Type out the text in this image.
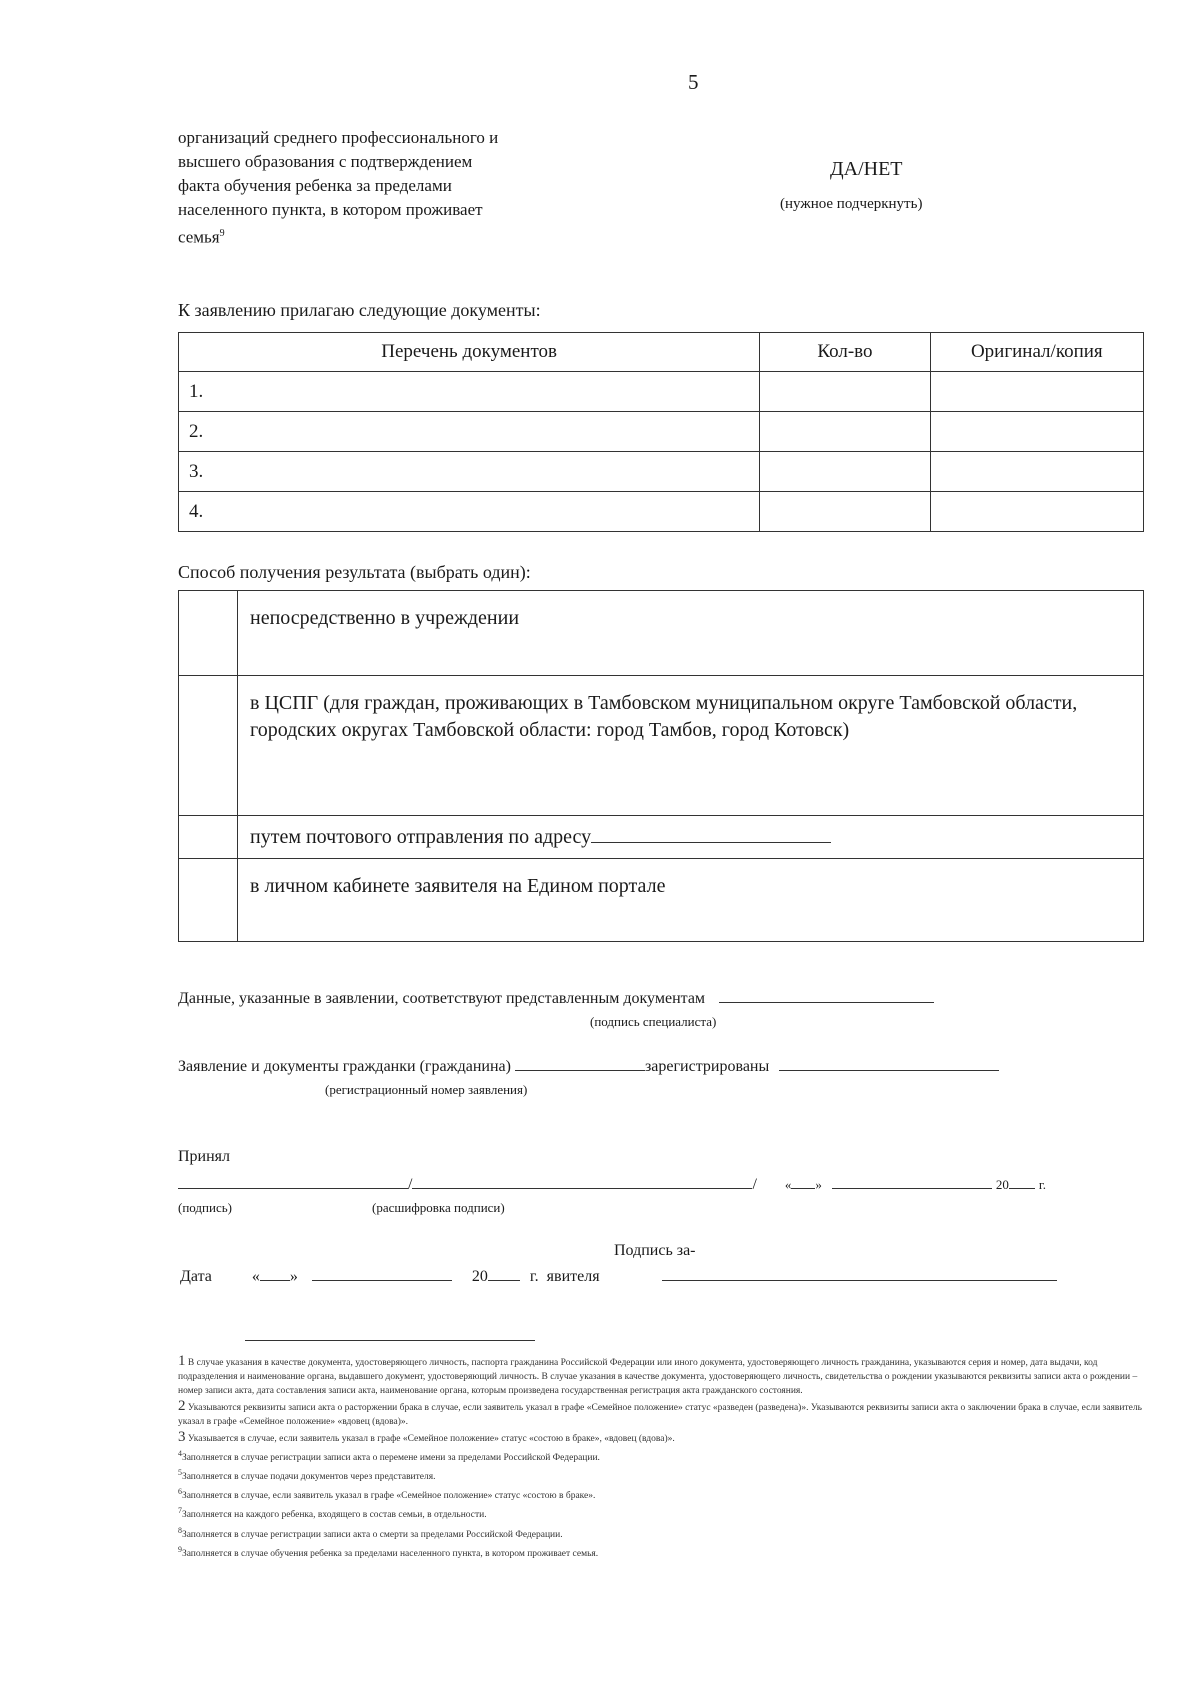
5
организаций среднего профессионального и
высшего образования с подтверждением
факта обучения ребенка за пределами
населенного пункта, в котором проживает
семья$^9$
ДА/НЕТ
(нужное подчеркнуть)
К заявлению прилагаю следующие документы:
Перечень документов	Кол-во	Оригинал/копия
1.		
2.		
3.		
4.		
Способ получения результата (выбрать один):
	непосредственно в учреждении
	в ЦСПГ (для граждан, проживающих в Тамбовском муниципальном округе Тамбовской области, городских округах Тамбовской области: город Тамбов, город Котовск)
	путем почтового отправления по адресу
	в личном кабинете заявителя на Едином портале
Данные, указанные в заявлении, соответствуют представленным документам
(подпись специалиста)
Заявление и документы гражданки (гражданина)	зарегистрированы
(регистрационный номер заявления)
Принял
/	/ « »	20 г.
(подпись)	(расшифровка подписи)
Подпись за-
Дата	« »	20	г. явителя

1 В случае указания в качестве документа, удостоверяющего личность, паспорта гражданина Российской Федерации или иного документа, удостоверяющего личность гражданина, указываются серия и номер, дата выдачи, код подразделения и наименование органа, выдавшего документ, удостоверяющий личность. В случае указания в качестве документа, удостоверяющего личность, свидетельства о рождении указываются реквизиты записи акта о рождении – номер записи акта, дата составления записи акта, наименование органа, которым произведена государственная регистрация акта гражданского состояния.

2 Указываются реквизиты записи акта о расторжении брака в случае, если заявитель указал в графе «Семейное положение» статус «разведен (разведена)». Указываются реквизиты записи акта о заключении брака в случае, если заявитель указал в графе «Семейное положение» «вдовец (вдова)».

3 Указывается в случае, если заявитель указал в графе «Семейное положение» статус «состою в браке», «вдовец (вдова)».

$^4$Заполняется в случае регистрации записи акта о перемене имени за пределами Российской Федерации.

$^5$Заполняется в случае подачи документов через представителя.

$^6$Заполняется в случае, если заявитель указал в графе «Семейное положение» статус «состою в браке».

$^7$Заполняется на каждого ребенка, входящего в состав семьи, в отдельности.

$^8$Заполняется в случае регистрации записи акта о смерти за пределами Российской Федерации.

$^9$Заполняется в случае обучения ребенка за пределами населенного пункта, в котором проживает семья.
